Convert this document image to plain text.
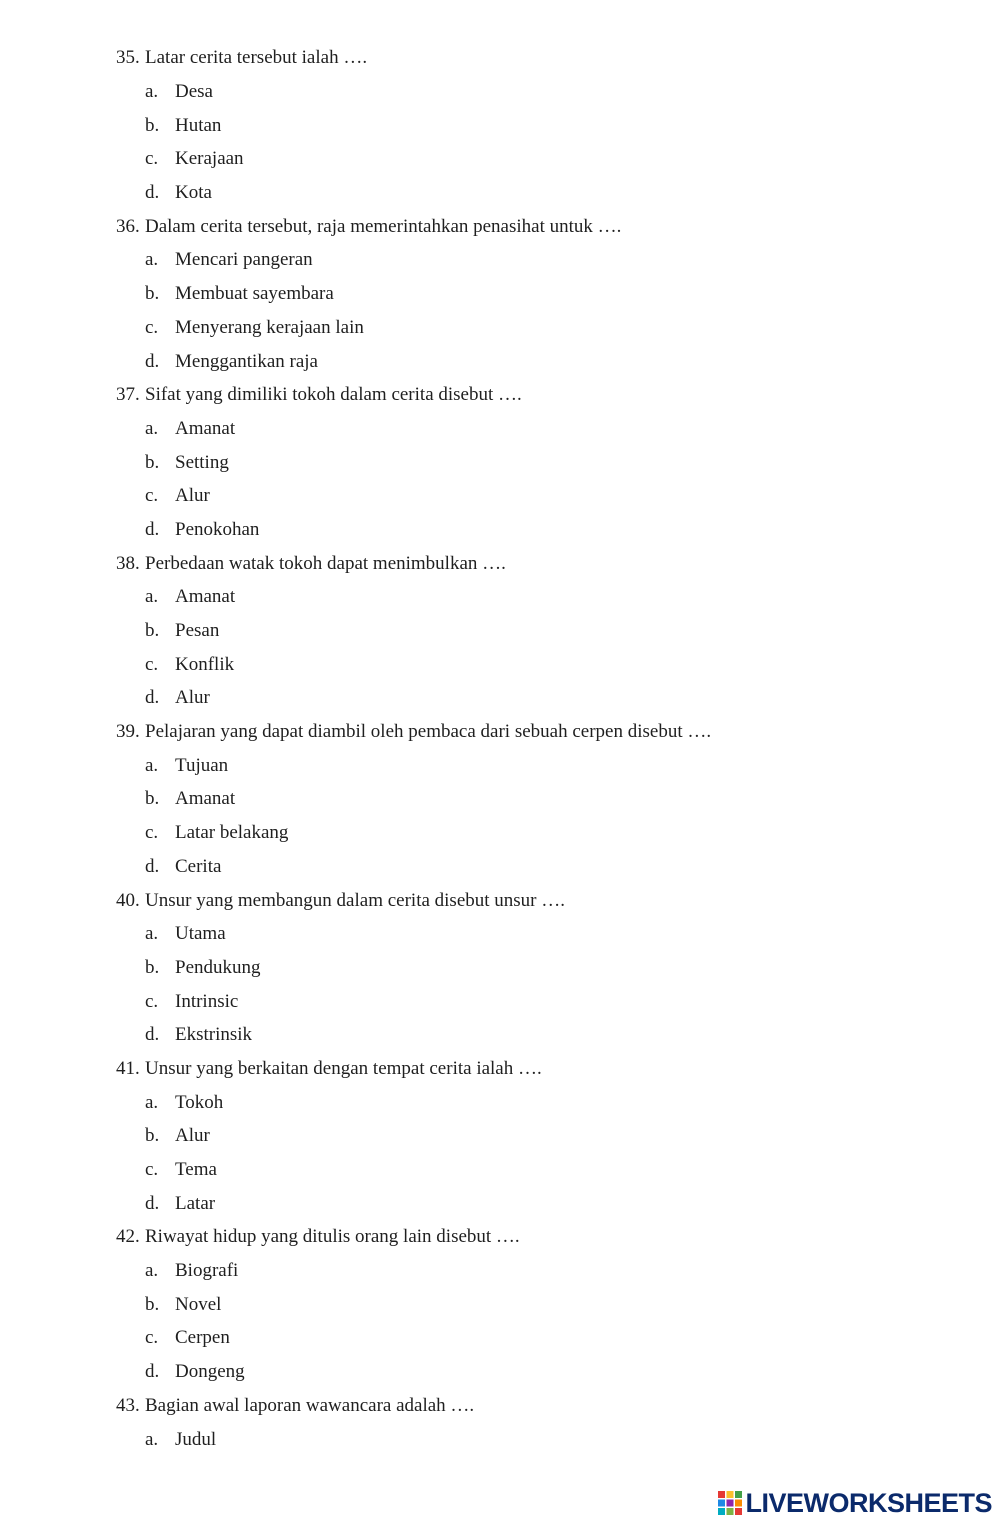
35. Latar cerita tersebut ialah ….
a. Desa
b. Hutan
c. Kerajaan
d. Kota
36. Dalam cerita tersebut, raja memerintahkan penasihat untuk ….
a. Mencari pangeran
b. Membuat sayembara
c. Menyerang kerajaan lain
d. Menggantikan raja
37. Sifat yang dimiliki tokoh dalam cerita disebut ….
a. Amanat
b. Setting
c. Alur
d. Penokohan
38. Perbedaan watak tokoh dapat menimbulkan ….
a. Amanat
b. Pesan
c. Konflik
d. Alur
39. Pelajaran yang dapat diambil oleh pembaca dari sebuah cerpen disebut ….
a. Tujuan
b. Amanat
c. Latar belakang
d. Cerita
40. Unsur yang membangun dalam cerita disebut unsur ….
a. Utama
b. Pendukung
c. Intrinsic
d. Ekstrinsik
41. Unsur yang berkaitan dengan tempat cerita ialah ….
a. Tokoh
b. Alur
c. Tema
d. Latar
42. Riwayat hidup yang ditulis orang lain disebut ….
a. Biografi
b. Novel
c. Cerpen
d. Dongeng
43. Bagian awal laporan wawancara adalah ….
a. Judul
LIVEWORKSHEETS
